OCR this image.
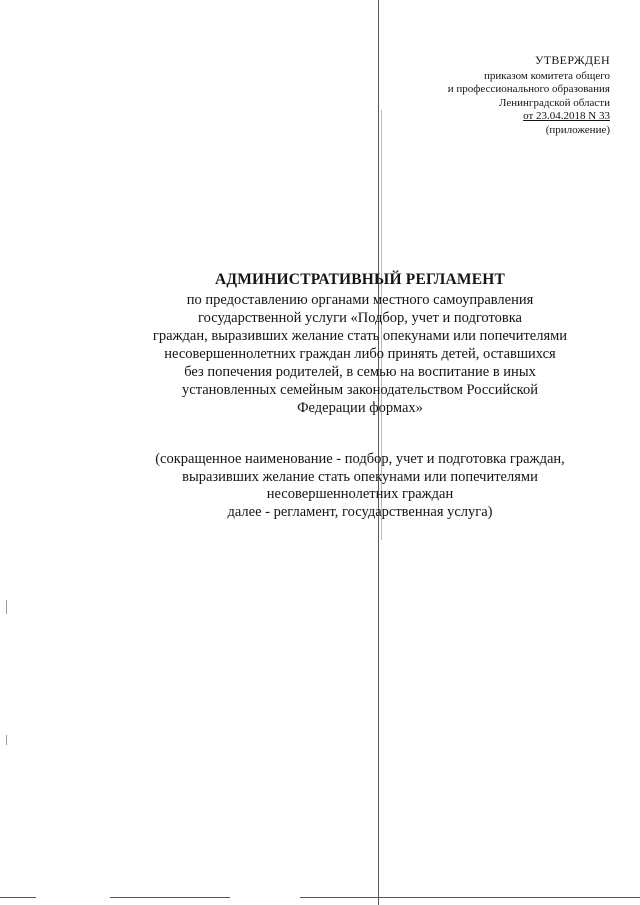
УТВЕРЖДЕН
приказом комитета общего
и профессионального образования
Ленинградской области
от 23.04.2018 N 33
(приложение)
АДМИНИСТРАТИВНЫЙ РЕГЛАМЕНТ
по предоставлению органами местного самоуправления
государственной услуги «Подбор, учет и подготовка
граждан, выразивших желание стать опекунами или попечителями
несовершеннолетних граждан либо принять детей, оставшихся
без попечения родителей, в семью на воспитание в иных
установленных семейным законодательством Российской
Федерации формах»
(сокращенное наименование - подбор, учет и подготовка граждан,
выразивших желание стать опекунами или попечителями
несовершеннолетних граждан
далее - регламент, государственная услуга)
